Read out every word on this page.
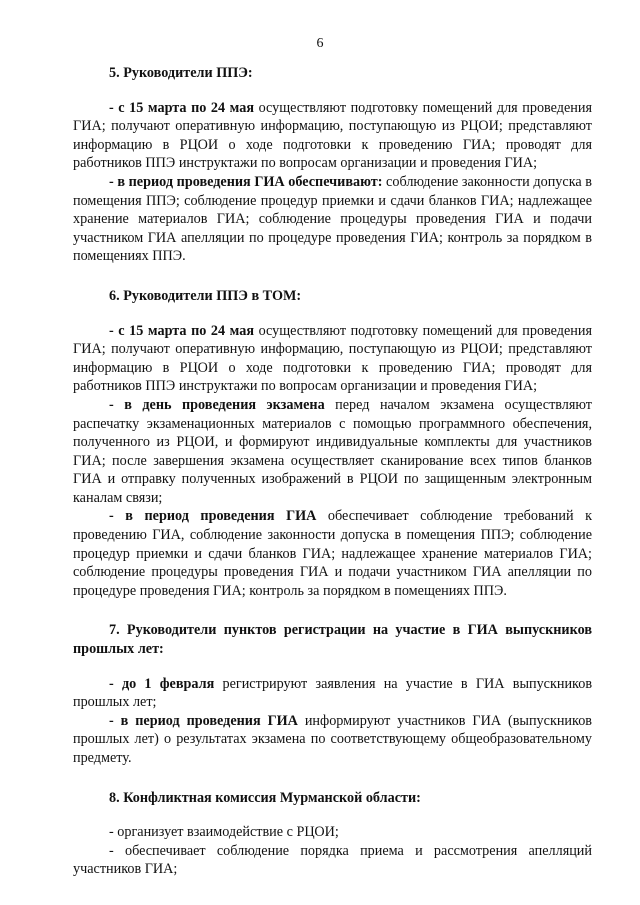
6

5. Руководители ППЭ:

- с 15 марта по 24 мая осуществляют подготовку помещений для проведения ГИА; получают оперативную информацию, поступающую из РЦОИ; представляют информацию в РЦОИ о ходе подготовки к проведению ГИА; проводят для работников ППЭ инструктажи по вопросам организации и проведения ГИА;

- в период проведения ГИА обеспечивают: соблюдение законности допуска в помещения ППЭ; соблюдение процедур приемки и сдачи бланков ГИА; надлежащее хранение материалов ГИА; соблюдение процедуры проведения ГИА и подачи участником ГИА апелляции по процедуре проведения ГИА; контроль за порядком в помещениях ППЭ.

6. Руководители ППЭ в ТОМ:

- с 15 марта по 24 мая осуществляют подготовку помещений для проведения ГИА; получают оперативную информацию, поступающую из РЦОИ; представляют информацию в РЦОИ о ходе подготовки к проведению ГИА; проводят для работников ППЭ инструктажи по вопросам организации и проведения ГИА;

- в день проведения экзамена перед началом экзамена осуществляют распечатку экзаменационных материалов с помощью программного обеспечения, полученного из РЦОИ, и формируют индивидуальные комплекты для участников ГИА; после завершения экзамена осуществляет сканирование всех типов бланков ГИА и отправку полученных изображений в РЦОИ по защищенным электронным каналам связи;

- в период проведения ГИА обеспечивает соблюдение требований к проведению ГИА, соблюдение законности допуска в помещения ППЭ; соблюдение процедур приемки и сдачи бланков ГИА; надлежащее хранение материалов ГИА; соблюдение процедуры проведения ГИА и подачи участником ГИА апелляции по процедуре проведения ГИА; контроль за порядком в помещениях ППЭ.

7. Руководители пунктов регистрации на участие в ГИА выпускников прошлых лет:

- до 1 февраля регистрируют заявления на участие в ГИА выпускников прошлых лет;

- в период проведения ГИА информируют участников ГИА (выпускников прошлых лет) о результатах экзамена по соответствующему общеобразовательному предмету.

8. Конфликтная комиссия Мурманской области:

- организует взаимодействие с РЦОИ;

- обеспечивает соблюдение порядка приема и рассмотрения апелляций участников ГИА;
